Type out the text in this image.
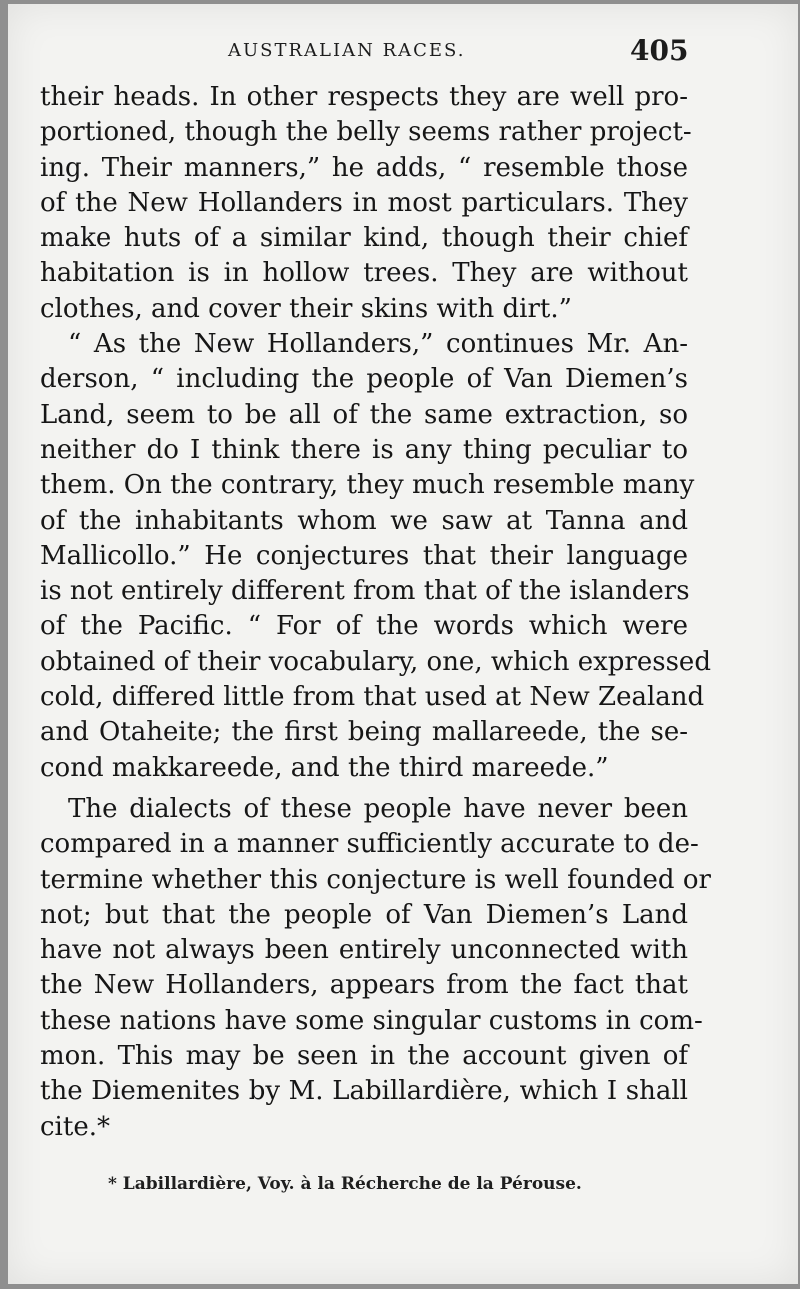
AUSTRALIAN RACES.	405

their heads. In other respects they are well pro-
portioned, though the belly seems rather project-
ing. Their manners,” he adds, “ resemble those
of the New Hollanders in most particulars. They
make huts of a similar kind, though their chief
habitation is in hollow trees. They are without
clothes, and cover their skins with dirt.”

“ As the New Hollanders,” continues Mr. An-
derson, “ including the people of Van Diemen’s
Land, seem to be all of the same extraction, so
neither do I think there is any thing peculiar to
them. On the contrary, they much resemble many
of the inhabitants whom we saw at Tanna and
Mallicollo.” He conjectures that their language
is not entirely different from that of the islanders
of the Pacific. “ For of the words which were
obtained of their vocabulary, one, which expressed
cold, differed little from that used at New Zealand
and Otaheite; the first being mallareede, the se-
cond makkareede, and the third mareede.”

The dialects of these people have never been
compared in a manner sufficiently accurate to de-
termine whether this conjecture is well founded or
not; but that the people of Van Diemen’s Land
have not always been entirely unconnected with
the New Hollanders, appears from the fact that
these nations have some singular customs in com-
mon. This may be seen in the account given of
the Diemenites by M. Labillardière, which I shall
cite.*

* Labillardière, Voy. à la Récherche de la Pérouse.
